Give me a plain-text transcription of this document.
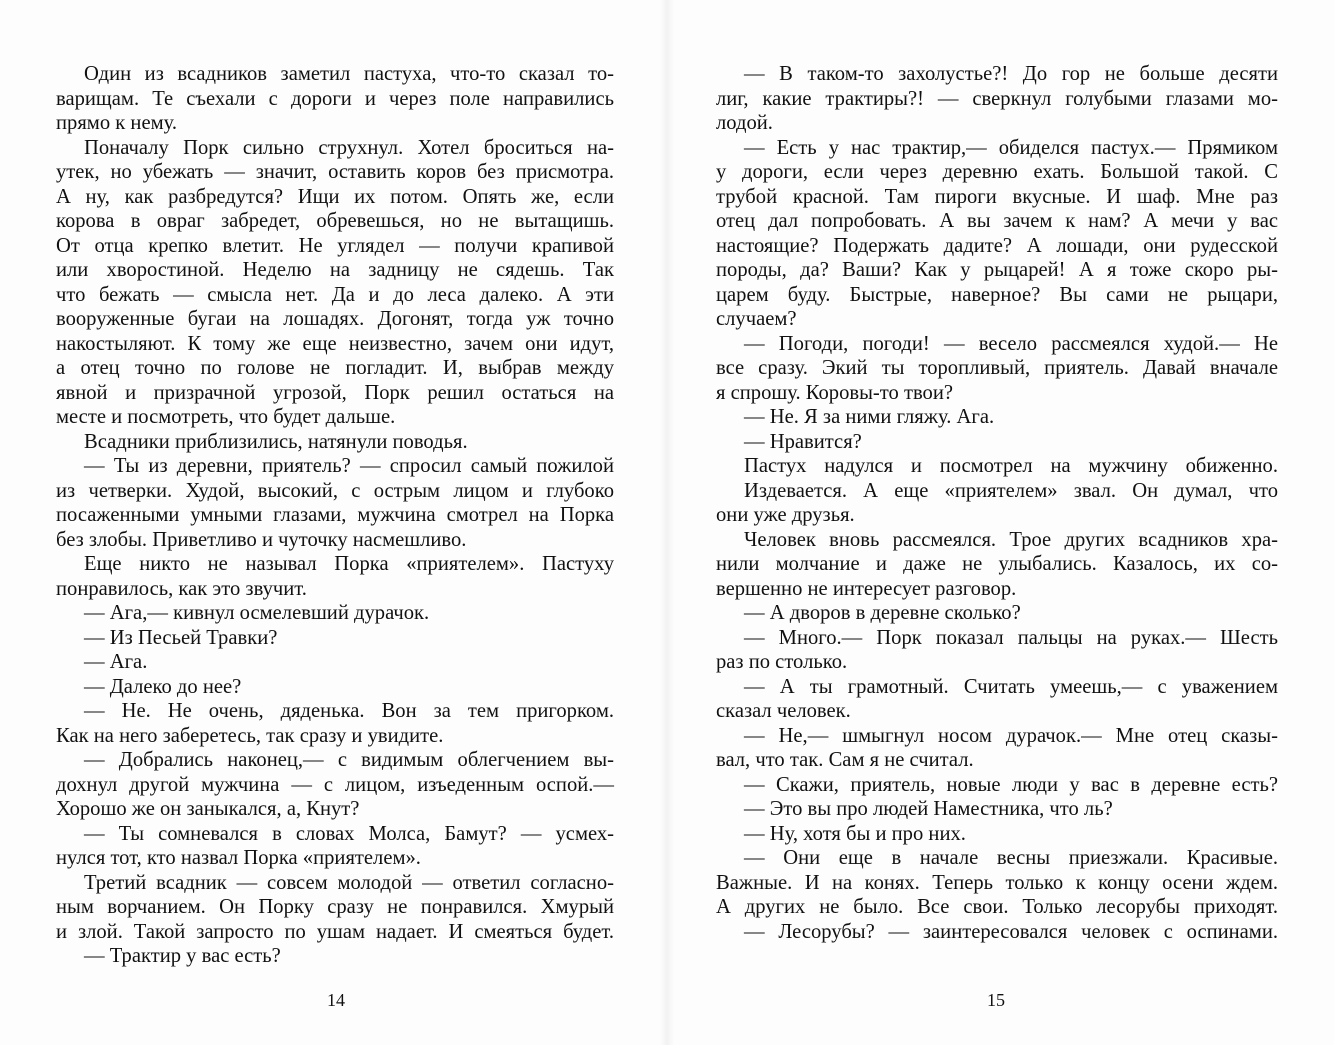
Один из всадников заметил пастуха, что-то сказал то-
варищам. Те съехали с дороги и через поле направились
прямо к нему.
Поначалу Порк сильно струхнул. Хотел броситься на-
утек, но убежать — значит, оставить коров без присмотра.
А ну, как разбредутся? Ищи их потом. Опять же, если
корова в овраг забредет, обревешься, но не вытащишь.
От отца крепко влетит. Не углядел — получи крапивой
или хворостиной. Неделю на задницу не сядешь. Так
что бежать — смысла нет. Да и до леса далеко. А эти
вооруженные бугаи на лошадях. Догонят, тогда уж точно
накостыляют. К тому же еще неизвестно, зачем они идут,
а отец точно по голове не погладит. И, выбрав между
явной и призрачной угрозой, Порк решил остаться на
месте и посмотреть, что будет дальше.
Всадники приблизились, натянули поводья.
— Ты из деревни, приятель? — спросил самый пожилой
из четверки. Худой, высокий, с острым лицом и глубоко
посаженными умными глазами, мужчина смотрел на Порка
без злобы. Приветливо и чуточку насмешливо.
Еще никто не называл Порка «приятелем». Пастуху
понравилось, как это звучит.
— Ага,— кивнул осмелевший дурачок.
— Из Песьей Травки?
— Ага.
— Далеко до нее?
— Не. Не очень, дяденька. Вон за тем пригорком.
Как на него заберетесь, так сразу и увидите.
— Добрались наконец,— с видимым облегчением вы-
дохнул другой мужчина — с лицом, изъеденным оспой.—
Хорошо же он заныкался, а, Кнут?
— Ты сомневался в словах Молса, Бамут? — усмех-
нулся тот, кто назвал Порка «приятелем».
Третий всадник — совсем молодой — ответил согласно-
ным ворчанием. Он Порку сразу не понравился. Хмурый
и злой. Такой запросто по ушам надает. И смеяться будет.
— Трактир у вас есть?
— В таком-то захолустье?! До гор не больше десяти
лиг, какие трактиры?! — сверкнул голубыми глазами мо-
лодой.
— Есть у нас трактир,— обиделся пастух.— Прямиком
у дороги, если через деревню ехать. Большой такой. С
трубой красной. Там пироги вкусные. И шаф. Мне раз
отец дал попробовать. А вы зачем к нам? А мечи у вас
настоящие? Подержать дадите? А лошади, они рудесской
породы, да? Ваши? Как у рыцарей! А я тоже скоро ры-
царем буду. Быстрые, наверное? Вы сами не рыцари,
случаем?
— Погоди, погоди! — весело рассмеялся худой.— Не
все сразу. Экий ты торопливый, приятель. Давай вначале
я спрошу. Коровы-то твои?
— Не. Я за ними гляжу. Ага.
— Нравится?
Пастух надулся и посмотрел на мужчину обиженно.
Издевается. А еще «приятелем» звал. Он думал, что
они уже друзья.
Человек вновь рассмеялся. Трое других всадников хра-
нили молчание и даже не улыбались. Казалось, их со-
вершенно не интересует разговор.
— А дворов в деревне сколько?
— Много.— Порк показал пальцы на руках.— Шесть
раз по столько.
— А ты грамотный. Считать умеешь,— с уважением
сказал человек.
— Не,— шмыгнул носом дурачок.— Мне отец сказы-
вал, что так. Сам я не считал.
— Скажи, приятель, новые люди у вас в деревне есть?
— Это вы про людей Наместника, что ль?
— Ну, хотя бы и про них.
— Они еще в начале весны приезжали. Красивые.
Важные. И на конях. Теперь только к концу осени ждем.
А других не было. Все свои. Только лесорубы приходят.
— Лесорубы? — заинтересовался человек с оспинами.
14	15
